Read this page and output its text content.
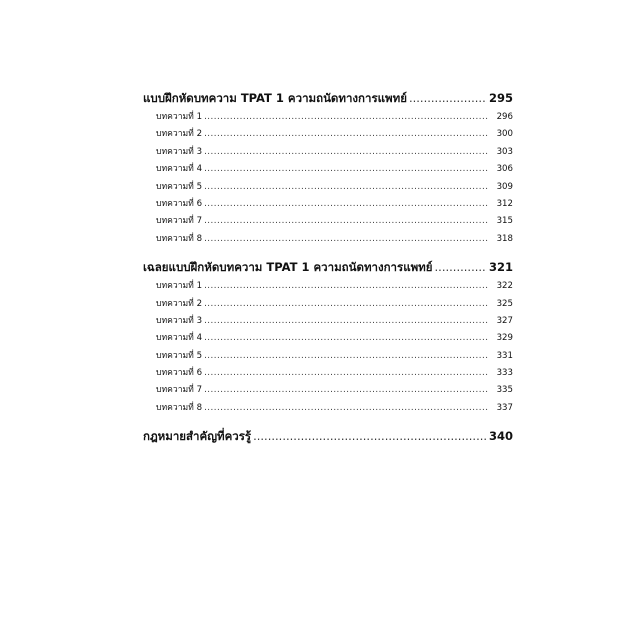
แบบฝึกหัดบทความ TPAT 1 ความถนัดทางการแพทย์ .....	295
บทความที่ 1 .....	296
บทความที่ 2 .....	300
บทความที่ 3 .....	303
บทความที่ 4 .....	306
บทความที่ 5 .....	309
บทความที่ 6 .....	312
บทความที่ 7 .....	315
บทความที่ 8 .....	318
เฉลยแบบฝึกหัดบทความ TPAT 1 ความถนัดทางการแพทย์ .....	321
บทความที่ 1 .....	322
บทความที่ 2 .....	325
บทความที่ 3 .....	327
บทความที่ 4 .....	329
บทความที่ 5 .....	331
บทความที่ 6 .....	333
บทความที่ 7 .....	335
บทความที่ 8 .....	337
กฎหมายสำคัญที่ควรรู้ .....	340
